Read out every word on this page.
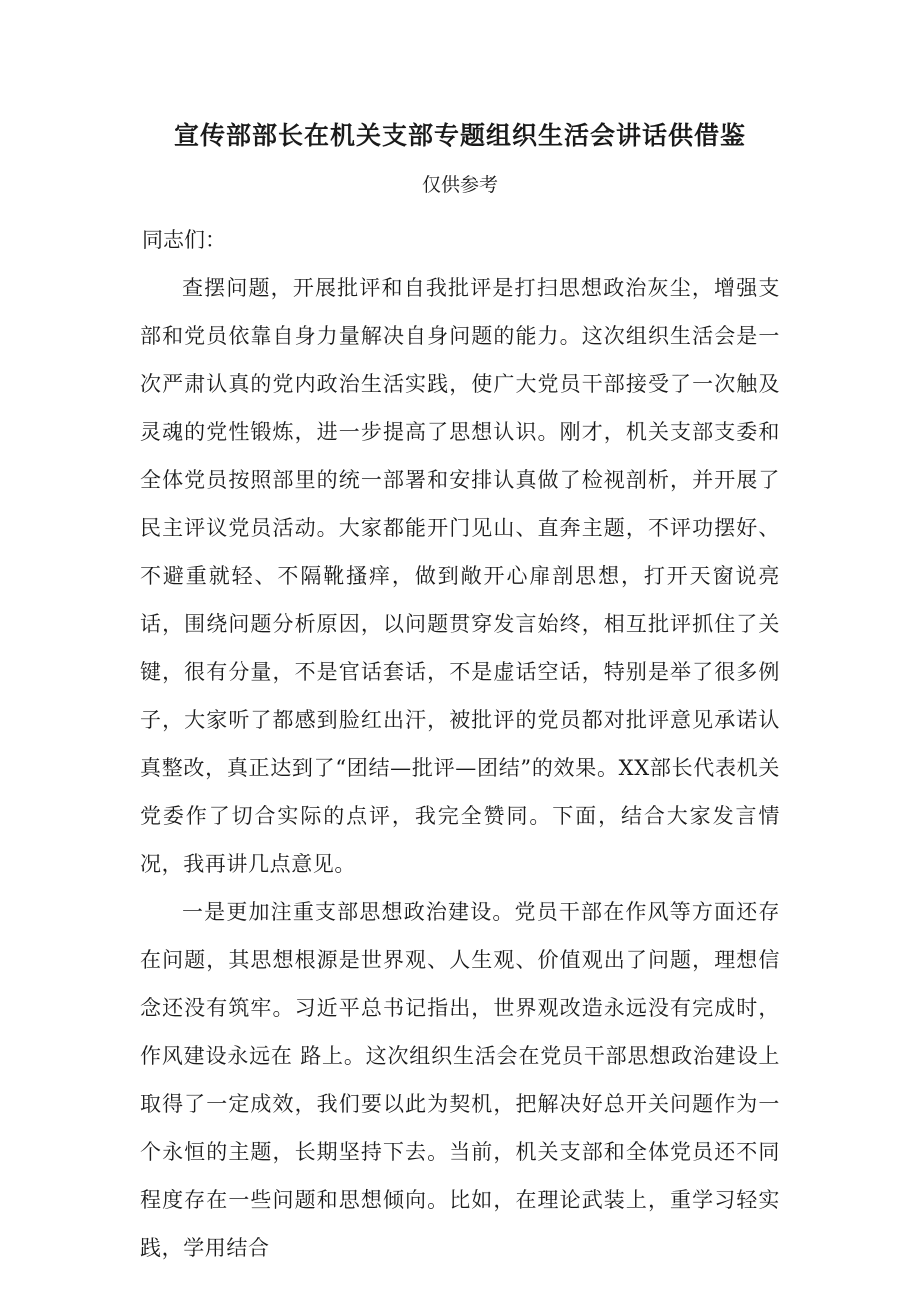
宣传部部长在机关支部专题组织生活会讲话供借鉴
仅供参考
同志们：

查摆问题，开展批评和自我批评是打扫思想政治灰尘，增强支部和党员依靠自身力量解决自身问题的能力。这次组织生活会是一次严肃认真的党内政治生活实践，使广大党员干部接受了一次触及灵魂的党性锻炼，进一步提高了思想认识。刚才，机关支部支委和全体党员按照部里的统一部署和安排认真做了检视剖析，并开展了民主评议党员活动。大家都能开门见山、直奔主题，不评功摆好、不避重就轻、不隔靴搔痒，做到敞开心扉剖思想，打开天窗说亮话，围绕问题分析原因，以问题贯穿发言始终，相互批评抓住了关键，很有分量，不是官话套话，不是虚话空话，特别是举了很多例子，大家听了都感到脸红出汗，被批评的党员都对批评意见承诺认真整改，真正达到了“团结—批评—团结”的效果。XX部长代表机关党委作了切合实际的点评，我完全赞同。下面，结合大家发言情况，我再讲几点意见。

一是更加注重支部思想政治建设。党员干部在作风等方面还存在问题，其思想根源是世界观、人生观、价值观出了问题，理想信念还没有筑牢。习近平总书记指出，世界观改造永远没有完成时，作风建设永远在 路上。这次组织生活会在党员干部思想政治建设上取得了一定成效，我们要以此为契机，把解决好总开关问题作为一个永恒的主题，长期坚持下去。当前，机关支部和全体党员还不同程度存在一些问题和思想倾向。比如，在理论武装上，重学习轻实践，学用结合
